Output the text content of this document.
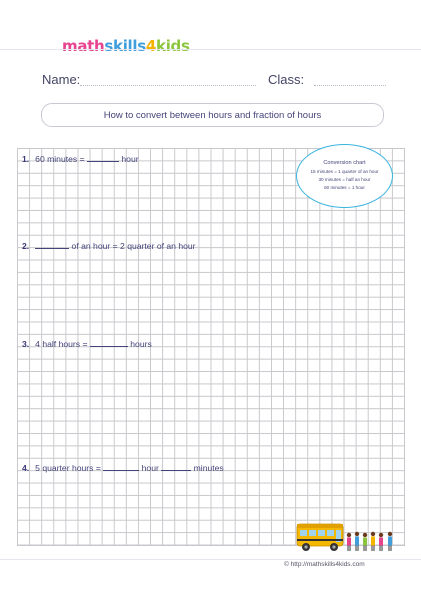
math skills 4 kids
Name:	Class:
How to convert between hours and fraction of hours
1. 60 minutes =	hour
2.	of an hour = 2 quarter of an hour
3. 4 half hours =	hours
4. 5 quarter hours =	hour	minutes
Conversion chart
15 minutes = 1 quarter of an hour
30 minutes = half an hour
60 minutes = 1 hour
© http://mathskills4kids.com
